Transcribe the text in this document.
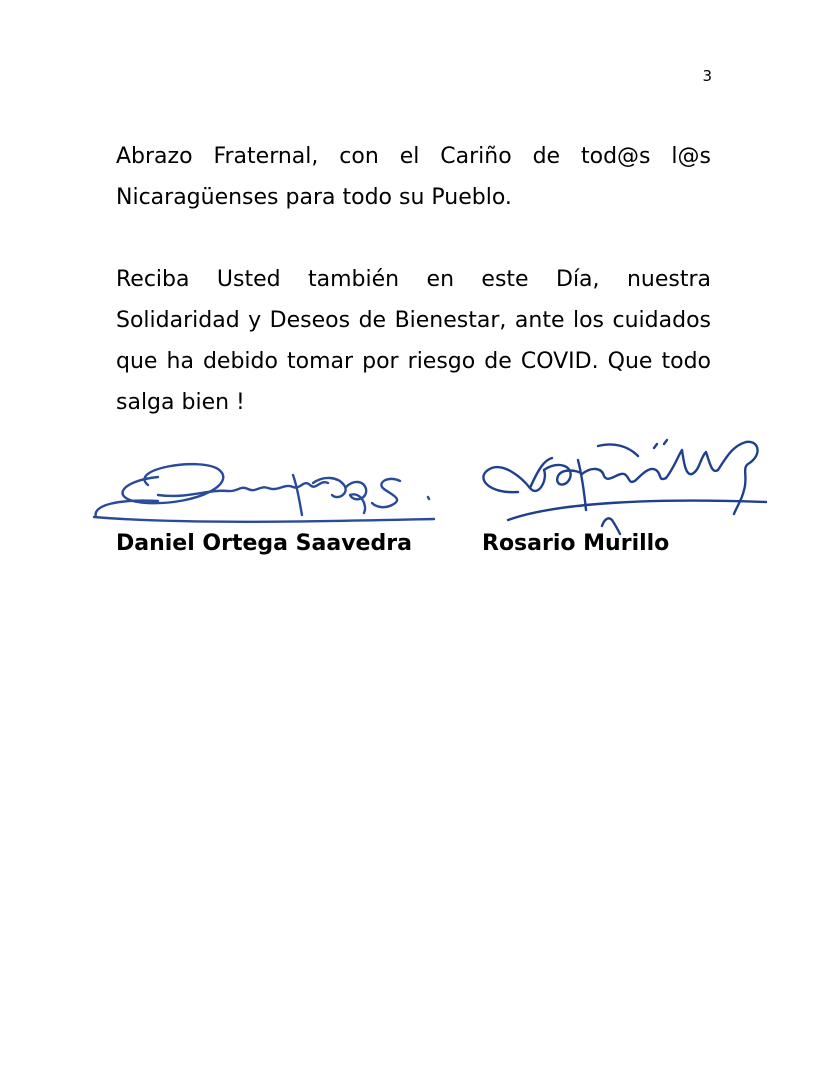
3

Abrazo Fraternal, con el Cariño de tod@s l@s
Nicaragüenses para todo su Pueblo.

Reciba Usted también en este Día, nuestra
Solidaridad y Deseos de Bienestar, ante los cuidados
que ha debido tomar por riesgo de COVID. Que todo
salga bien !

Daniel Ortega Saavedra	Rosario Murillo
